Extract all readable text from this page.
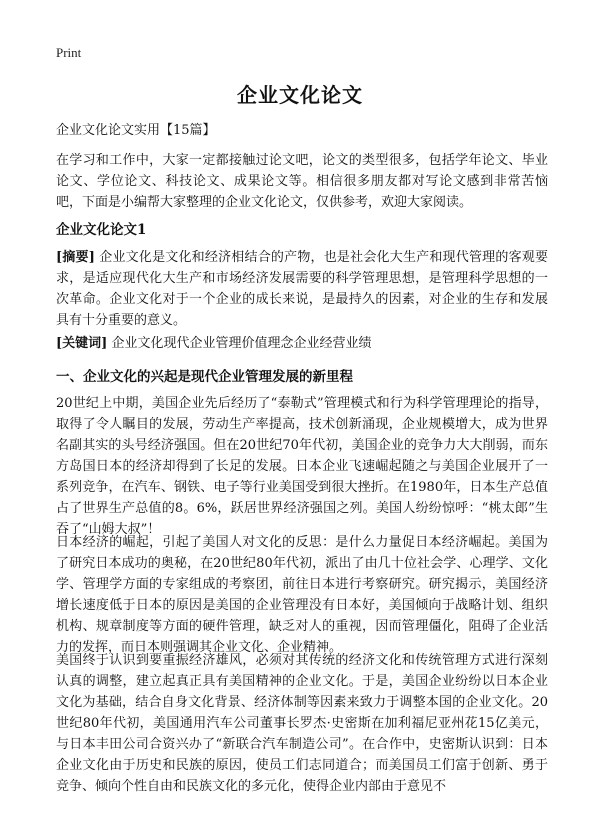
Print
企业文化论文
企业文化论文实用【15篇】

在学习和工作中，大家一定都接触过论文吧，论文的类型很多，包括学年论文、毕业论文、学位论文、科技论文、成果论文等。相信很多朋友都对写论文感到非常苦恼吧，下面是小编帮大家整理的企业文化论文，仅供参考，欢迎大家阅读。

企业文化论文1

[摘要] 企业文化是文化和经济相结合的产物，也是社会化大生产和现代管理的客观要求，是适应现代化大生产和市场经济发展需要的科学管理思想，是管理科学思想的一次革命。企业文化对于一个企业的成长来说，是最持久的因素，对企业的生存和发展具有十分重要的意义。

[关键词] 企业文化现代企业管理价值理念企业经营业绩

一、企业文化的兴起是现代企业管理发展的新里程

20世纪上中期，美国企业先后经历了“泰勒式”管理模式和行为科学管理理论的指导，取得了令人瞩目的发展，劳动生产率提高，技术创新涌现，企业规模增大，成为世界名副其实的头号经济强国。但在20世纪70年代初，美国企业的竞争力大大削弱，而东方岛国日本的经济却得到了长足的发展。日本企业飞速崛起随之与美国企业展开了一系列竞争，在汽车、钢铁、电子等行业美国受到很大挫折。在1980年，日本生产总值占了世界生产总值的8。6%，跃居世界经济强国之列。美国人纷纷惊呼：“桃太郎”生吞了“山姆大叔”！

日本经济的崛起，引起了美国人对文化的反思：是什么力量促日本经济崛起。美国为了研究日本成功的奥秘，在20世纪80年代初，派出了由几十位社会学、心理学、文化学、管理学方面的专家组成的考察团，前往日本进行考察研究。研究揭示，美国经济增长速度低于日本的原因是美国的企业管理没有日本好，美国倾向于战略计划、组织机构、规章制度等方面的硬件管理，缺乏对人的重视，因而管理僵化，阻碍了企业活力的发挥，而日本则强调其企业文化、企业精神。

美国终于认识到要重振经济雄风，必须对其传统的经济文化和传统管理方式进行深刻认真的调整，建立起真正具有美国精神的企业文化。于是，美国企业纷纷以日本企业文化为基础，结合自身文化背景、经济体制等因素来致力于调整本国的企业文化。20世纪80年代初，美国通用汽车公司董事长罗杰·史密斯在加利福尼亚州花15亿美元，与日本丰田公司合资兴办了“新联合汽车制造公司”。在合作中，史密斯认识到：日本企业文化由于历史和民族的原因，使员工们志同道合；而美国员工们富于创新、勇于竞争、倾向个性自由和民族文化的多元化，使得企业内部由于意见不
